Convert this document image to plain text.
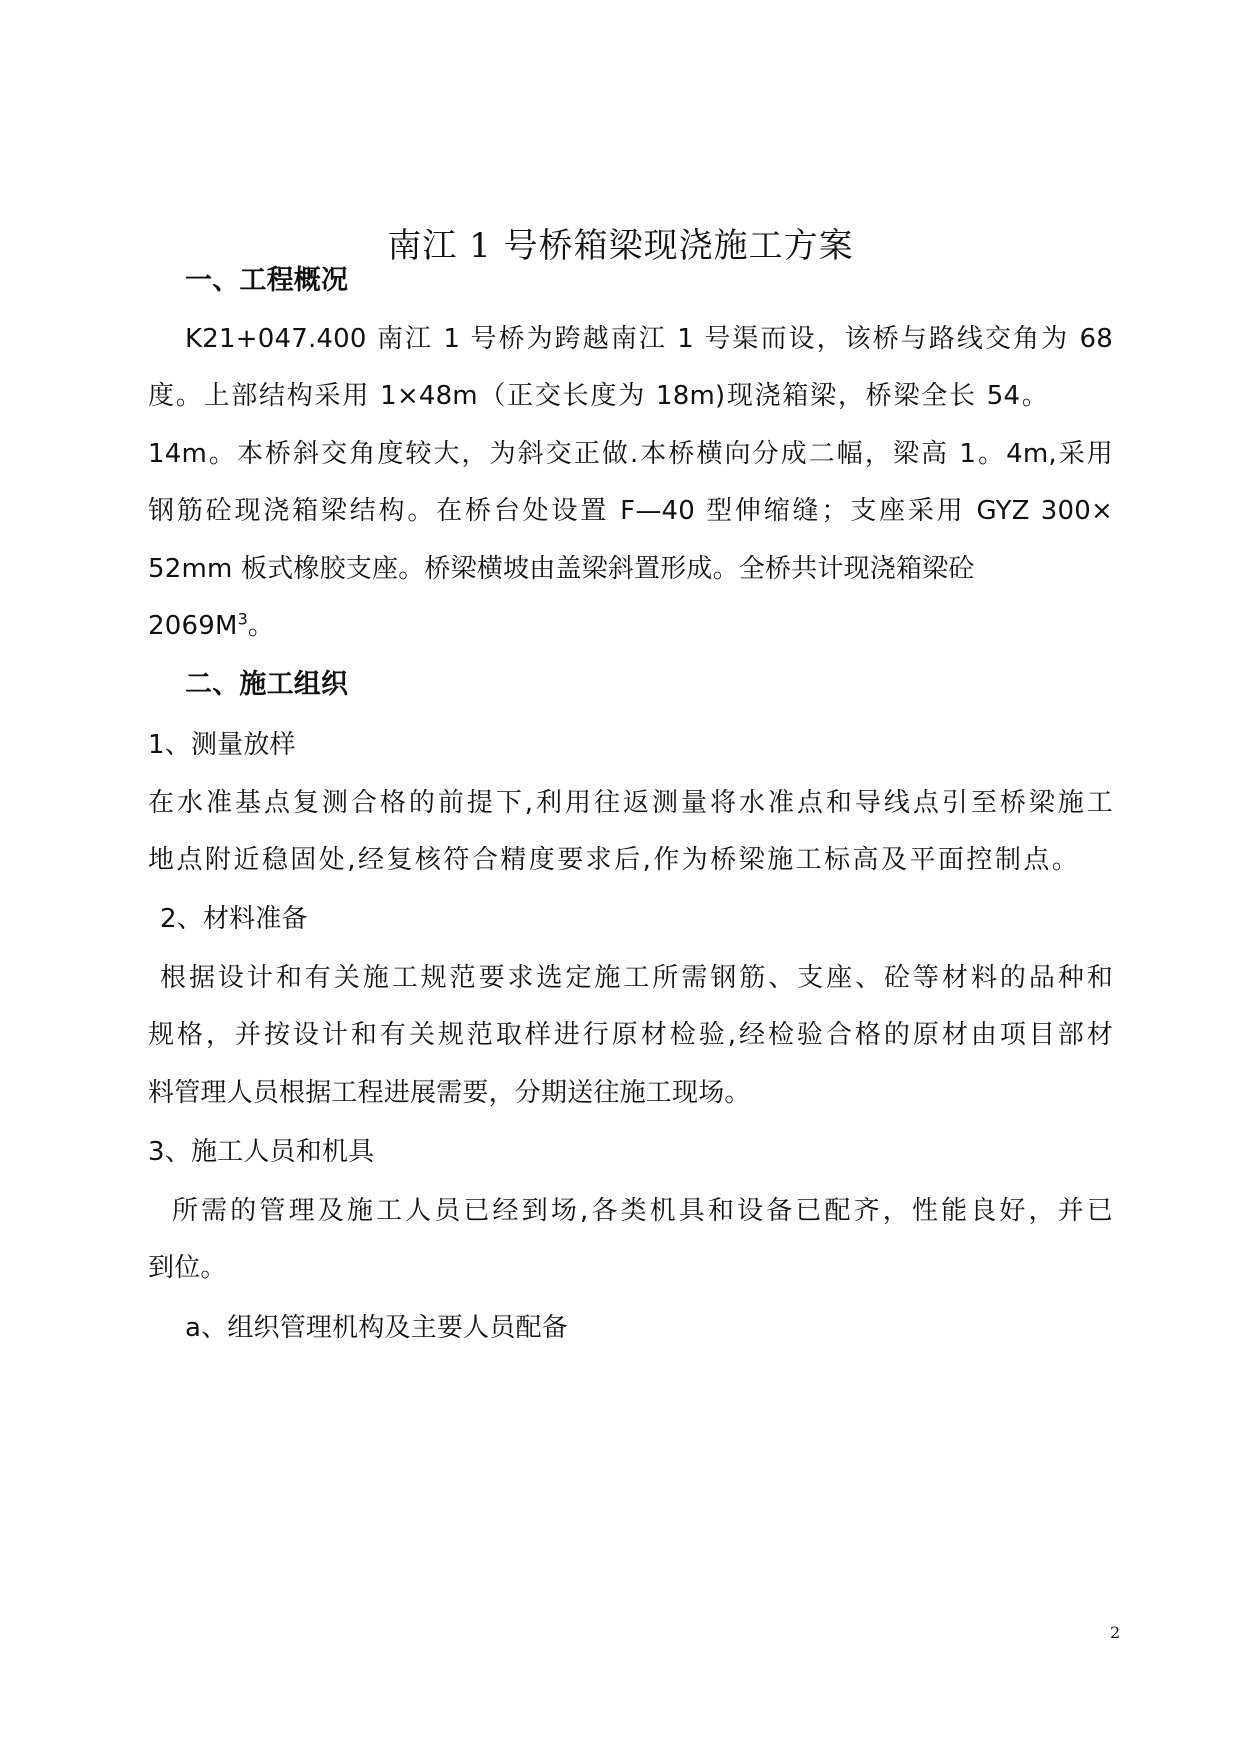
南江 1 号桥箱梁现浇施工方案
一、工程概况
K21+047.400 南江 1 号桥为跨越南江 1 号渠而设，该桥与路线交角为 68
度。上部结构采用 1×48m（正交长度为 18m)现浇箱梁，桥梁全长 54。
14m。本桥斜交角度较大，为斜交正做.本桥横向分成二幅，梁高 1。4m,采用
钢筋砼现浇箱梁结构。在桥台处设置 F—40 型伸缩缝；支座采用 GYZ 300×
52mm 板式橡胶支座。桥梁横坡由盖梁斜置形成。全桥共计现浇箱梁砼
$2069M^3$。
二、施工组织
1、测量放样
在水准基点复测合格的前提下,利用往返测量将水准点和导线点引至桥梁施工
地点附近稳固处,经复核符合精度要求后,作为桥梁施工标高及平面控制点。
2、材料准备
根据设计和有关施工规范要求选定施工所需钢筋、支座、砼等材料的品种和
规格，并按设计和有关规范取样进行原材检验,经检验合格的原材由项目部材
料管理人员根据工程进展需要，分期送往施工现场。
3、施工人员和机具
所需的管理及施工人员已经到场,各类机具和设备已配齐，性能良好，并已
到位。
a、组织管理机构及主要人员配备
2
